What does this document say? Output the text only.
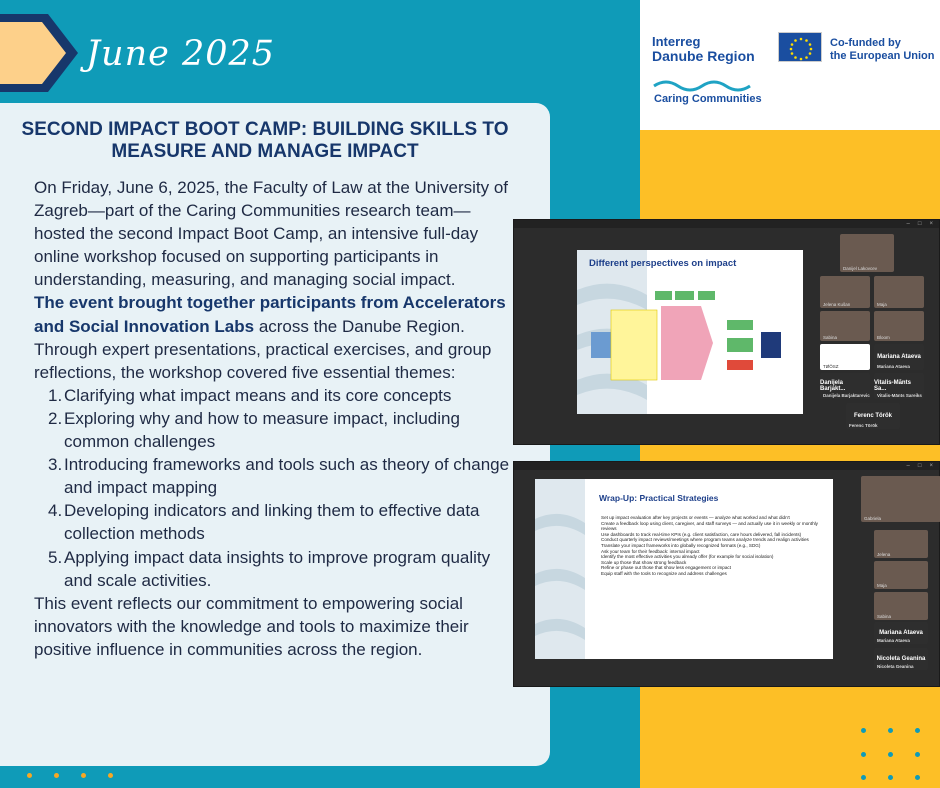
Interreg
Danube Region
Caring Communities
Co-funded by
the European Union
June 2025
SECOND IMPACT BOOT CAMP: BUILDING SKILLS TO MEASURE AND MANAGE IMPACT

On Friday, June 6, 2025, the Faculty of Law at the University of Zagreb—part of the Caring Communities research team—hosted the second Impact Boot Camp, an intensive full-day online workshop focused on supporting participants in understanding, measuring, and managing social impact.

The event brought together participants from Accelerators and Social Innovation Labs across the Danube Region. Through expert presentations, practical exercises, and group reflections, the workshop covered five essential themes:

1. Clarifying what impact means and its core concepts
2. Exploring why and how to measure impact, including common challenges
3. Introducing frameworks and tools such as theory of change and impact mapping
4. Developing indicators and linking them to effective data collection methods
5. Applying impact data insights to improve program quality and scale activities.

This event reflects our commitment to empowering social innovators with the knowledge and tools to maximize their positive influence in communities across the region.

– □ ×
Different perspectives on impact	Danijel Lakovcev
Jelena Kušan	Maja
Sabina	Bloom
TØÖSZ
Mariana Ataeva
Mariana Ataeva
Danijela Barjakt...
Danijela Barjaktarevic
Vitalis-Mānts Sa...
Vitalis-Mānts Sareiks
Ferenc Török
Ferenc Török
– □ ×
Wrap-Up: Practical Strategies
Set up impact evaluation after key projects or events — analyze what worked and what didn't
Create a feedback loop using client, caregiver, and staff surveys — and actually use it in weekly or monthly reviews
Use dashboards to track real-time KPIs (e.g. client satisfaction, care hours delivered, fall incidents)
Conduct quarterly impact reviews/meetings where program teams analyze trends and realign activities
Translate your impact frameworks into globally recognized formats (e.g., SDG)
Ask your team for their feedback: internal impact
Identify the most effective activities you already offer (for example for social isolation)
Scale up those that show strong feedback
Refine or phase out those that show less engagement or impact
Equip staff with the tools to recognize and address challenges
Gabriela
Jelena
Maja
Sabina
Mariana Ataeva
Mariana Ataeva
Nicoleta Geanina
Nicoleta Geanina
